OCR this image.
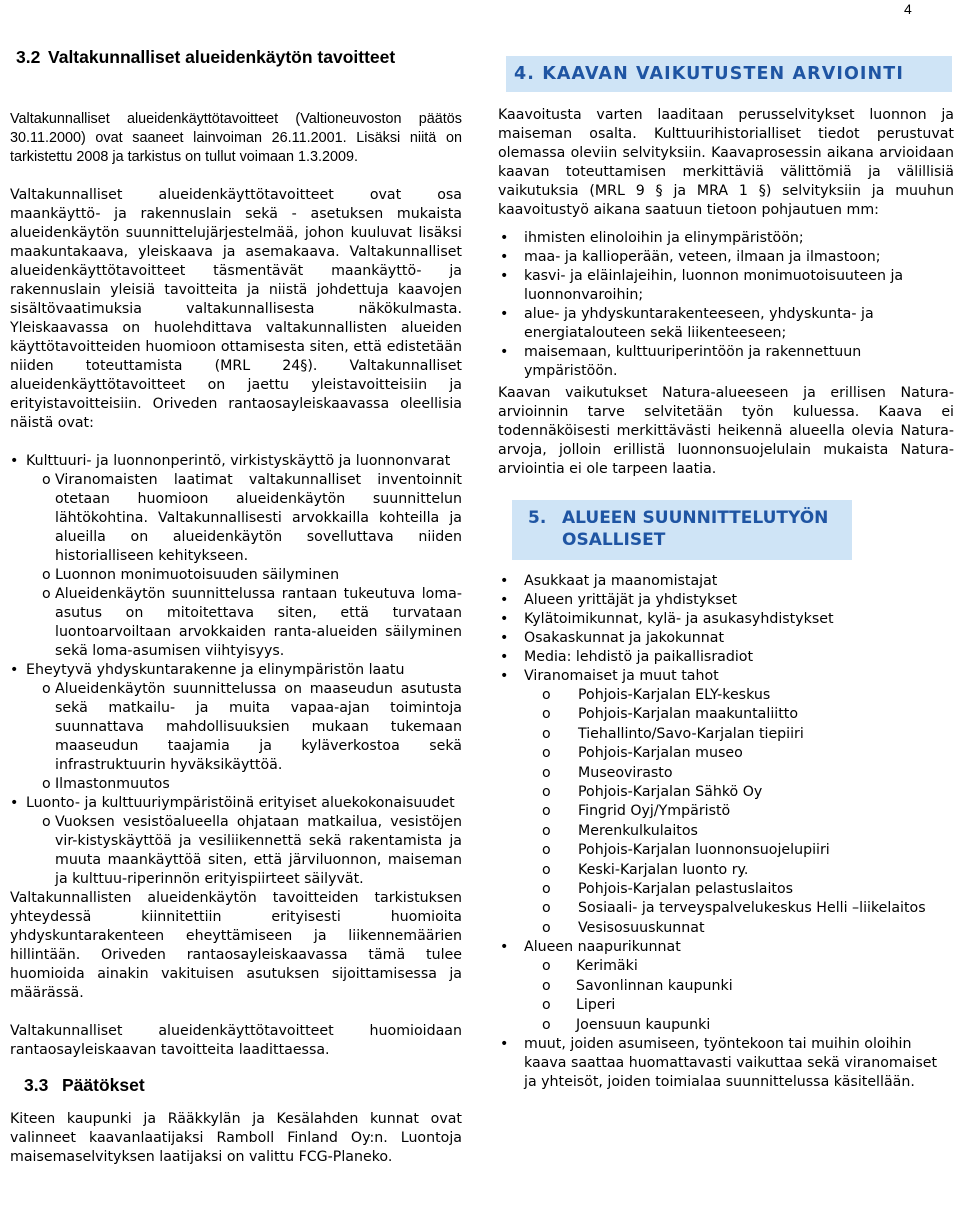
4
3.2 Valtakunnalliset alueidenkäytön tavoitteet

Valtakunnalliset alueidenkäyttötavoitteet (Valtioneuvoston päätös 30.11.2000) ovat saaneet lainvoiman 26.11.2001. Lisäksi niitä on tarkistettu 2008 ja tarkistus on tullut voimaan 1.3.2009.

Valtakunnalliset alueidenkäyttötavoitteet ovat osa maankäyttö- ja rakennuslain sekä - asetuksen mukaista alueidenkäytön suunnittelujärjestelmää, johon kuuluvat lisäksi maakuntakaava, yleiskaava ja asemakaava. Valtakunnalliset alueidenkäyttötavoitteet täsmentävät maankäyttö- ja rakennuslain yleisiä tavoitteita ja niistä johdettuja kaavojen sisältövaatimuksia valtakunnallisesta näkökulmasta. Yleiskaavassa on huolehdittava valtakunnallisten alueiden käyttötavoitteiden huomioon ottamisesta siten, että edistetään niiden toteuttamista (MRL 24§). Valtakunnalliset alueidenkäyttötavoitteet on jaettu yleistavoitteisiin ja erityistavoitteisiin. Oriveden rantaosayleiskaavassa oleellisia näistä ovat:

• Kulttuuri- ja luonnonperintö, virkistyskäyttö ja luonnonvarat
o Viranomaisten laatimat valtakunnalliset inventoinnit otetaan huomioon alueidenkäytön suunnittelun lähtökohtina. Valtakunnallisesti arvokkailla kohteilla ja alueilla on alueidenkäytön sovelluttava niiden historialliseen kehitykseen.
o Luonnon monimuotoisuuden säilyminen
o Alueidenkäytön suunnittelussa rantaan tukeutuva loma-asutus on mitoitettava siten, että turvataan luontoarvoiltaan arvokkaiden ranta-alueiden säilyminen sekä loma-asumisen viihtyisyys.
• Eheytyvä yhdyskuntarakenne ja elinympäristön laatu
o Alueidenkäytön suunnittelussa on maaseudun asutusta sekä matkailu- ja muita vapaa-ajan toimintoja suunnattava mahdollisuuksien mukaan tukemaan maaseudun taajamia ja kyläverkostoa sekä infrastruktuurin hyväksikäyttöä.
o Ilmastonmuutos
• Luonto- ja kulttuuriympäristöinä erityiset aluekokonaisuudet
o Vuoksen vesistöalueella ohjataan matkailua, vesistöjen vir-kistyskäyttöä ja vesiliikennettä sekä rakentamista ja muuta maankäyttöä siten, että järviluonnon, maiseman ja kulttuu-riperinnön erityispiirteet säilyvät.

Valtakunnallisten alueidenkäytön tavoitteiden tarkistuksen yhteydessä kiinnitettiin erityisesti huomioita yhdyskuntarakenteen eheyttämiseen ja liikennemäärien hillintään. Oriveden rantaosayleiskaavassa tämä tulee huomioida ainakin vakituisen asutuksen sijoittamisessa ja määrässä.

Valtakunnalliset alueidenkäyttötavoitteet huomioidaan rantaosayleiskaavan tavoitteita laadittaessa.

3.3 Päätökset

Kiteen kaupunki ja Rääkkylän ja Kesälahden kunnat ovat valinneet kaavanlaatijaksi Ramboll Finland Oy:n. Luontoja maisemaselvityksen laatijaksi on valittu FCG-Planeko.

4. KAAVAN VAIKUTUSTEN ARVIOINTI

Kaavoitusta varten laaditaan perusselvitykset luonnon ja maiseman osalta. Kulttuurihistorialliset tiedot perustuvat olemassa oleviin selvityksiin. Kaavaprosessin aikana arvioidaan kaavan toteuttamisen merkittäviä välittömiä ja välillisiä vaikutuksia (MRL 9 § ja MRA 1 §) selvityksiin ja muuhun kaavoitustyö aikana saatuun tietoon pohjautuen mm:

• ihmisten elinoloihin ja elinympäristöön;
• maa- ja kallioperään, veteen, ilmaan ja ilmastoon;
• kasvi- ja eläinlajeihin, luonnon monimuotoisuuteen ja luonnonvaroihin;
• alue- ja yhdyskuntarakenteeseen, yhdyskunta- ja energiatalouteen sekä liikenteeseen;
• maisemaan, kulttuuriperintöön ja rakennettuun ympäristöön.

Kaavan vaikutukset Natura-alueeseen ja erillisen Natura-arvioinnin tarve selvitetään työn kuluessa. Kaava ei todennäköisesti merkittävästi heikennä alueella olevia Natura-arvoja, jolloin erillistä luonnonsuojelulain mukaista Natura-arviointia ei ole tarpeen laatia.

5. ALUEEN SUUNNITTELUTYÖN
OSALLISET
• Asukkaat ja maanomistajat
• Alueen yrittäjät ja yhdistykset
• Kylätoimikunnat, kylä- ja asukasyhdistykset
• Osakaskunnat ja jakokunnat
• Media: lehdistö ja paikallisradiot
• Viranomaiset ja muut tahot
o Pohjois-Karjalan ELY-keskus
o Pohjois-Karjalan maakuntaliitto
o Tiehallinto/Savo-Karjalan tiepiiri
o Pohjois-Karjalan museo
o Museovirasto
o Pohjois-Karjalan Sähkö Oy
o Fingrid Oyj/Ympäristö
o Merenkulkulaitos
o Pohjois-Karjalan luonnonsuojelupiiri
o Keski-Karjalan luonto ry.
o Pohjois-Karjalan pelastuslaitos
o Sosiaali- ja terveyspalvelukeskus Helli –liikelaitos
o Vesisosuuskunnat
• Alueen naapurikunnat
o Kerimäki
o Savonlinnan kaupunki
o Liperi
o Joensuun kaupunki
• muut, joiden asumiseen, työntekoon tai muihin oloihin kaava saattaa huomattavasti vaikuttaa sekä viranomaiset ja yhteisöt, joiden toimialaa suunnittelussa käsitellään.
